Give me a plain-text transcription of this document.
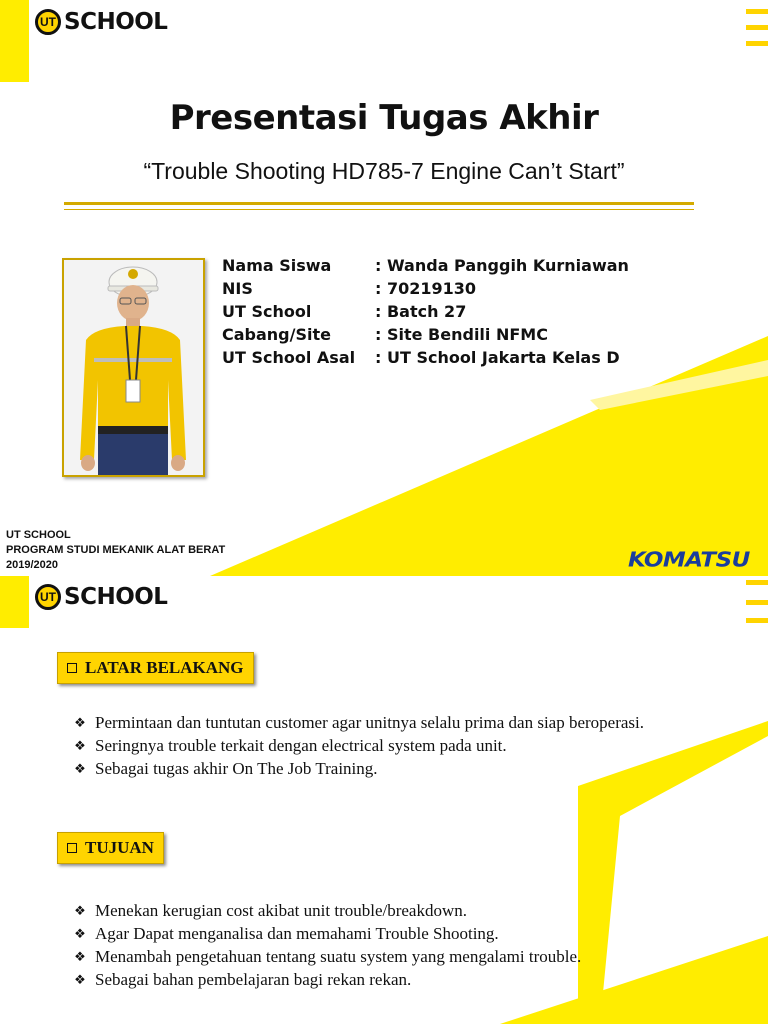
UT SCHOOL
Presentasi Tugas Akhir
“Trouble Shooting HD785-7 Engine Can’t Start”
Nama Siswa	: Wanda Panggih Kurniawan
NIS	: 70219130
UT School	: Batch 27
Cabang/Site	: Site Bendili NFMC
UT School Asal	: UT School Jakarta Kelas D
UT SCHOOL
PROGRAM STUDI MEKANIK ALAT BERAT
2019/2020	KOMATSU
UT SCHOOL
LATAR BELAKANG
❖ Permintaan dan tuntutan customer agar unitnya selalu prima dan siap beroperasi.
❖ Seringnya trouble terkait dengan electrical system pada unit.
❖ Sebagai tugas akhir On The Job Training.
TUJUAN
❖ Menekan kerugian cost akibat unit trouble/breakdown.
❖ Agar Dapat menganalisa dan memahami Trouble Shooting.
❖ Menambah pengetahuan tentang suatu system yang mengalami trouble.
❖ Sebagai bahan pembelajaran bagi rekan rekan.
